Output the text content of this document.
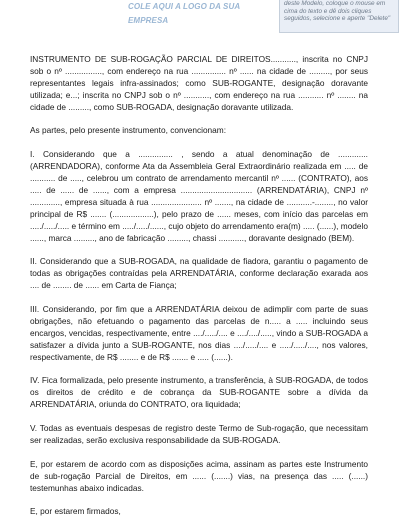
COLE AQUI A LOGO DA SUA EMPRESA
deste Modelo, coloque o mouse em cima do texto e dê dois cliques seguidos, selecione e aperte "Delete"

INSTRUMENTO DE SUB-ROGAÇÃO PARCIAL DE DIREITOS..........., inscrita no CNPJ sob o nº ................, com endereço na rua ............... nº ...... na cidade de ........., por seus representantes legais infra-assinados; como SUB-ROGANTE, designação doravante utilizada; e...; inscrita no CNPJ sob o nº ..........., com endereço na rua ........... nº ........ na cidade de ........., como SUB-ROGADA, designação doravante utilizada.

As partes, pelo presente instrumento, convencionam:

I. Considerando que a ............... , sendo a atual denominação de ............. (ARRENDADORA), conforme Ata da Assembleia Geral Extraordinário realizada em ..... de ........... de ....., celebrou um contrato de arrendamento mercantil nº ...... (CONTRATO), aos ..... de ...... de ......, com a empresa ............................... (ARRENDATÁRIA), CNPJ nº ............., empresa situada à rua ...................... nº ......., na cidade de ...........-........, no valor principal de R$ ....... (..................), pelo prazo de ...... meses, com início das parcelas em ...../...../..... e término em ...../...../......, cujo objeto do arrendamento era(m) ..... (......), modelo ......, marca ........., ano de fabricação ........., chassi ..........., doravante designado (BEM).

II. Considerando que a SUB-ROGADA, na qualidade de fiadora, garantiu o pagamento de todas as obrigações contraídas pela ARRENDATÁRIA, conforme declaração exarada aos .... de ........ de ...... em Carta de Fiança;

III. Considerando, por fim que a ARRENDATÁRIA deixou de adimplir com parte de suas obrigações, não efetuando o pagamento das parcelas de n..... a ..... incluindo seus encargos, vencidas, respectivamente, entre ..../...../.... e ..../..../....., vindo a SUB-ROGADA a satisfazer a dívida junto a SUB-ROGANTE, nos dias ..../...../.... e ...../...../...., nos valores, respectivamente, de R$ ........ e de R$ ....... e ..... (......).

IV. Fica formalizada, pelo presente instrumento, a transferência, à SUB-ROGADA, de todos os direitos de crédito e de cobrança da SUB-ROGANTE sobre a dívida da ARRENDATÁRIA, oriunda do CONTRATO, ora liquidada;

V. Todas as eventuais despesas de registro deste Termo de Sub-rogação, que necessitam ser realizadas, serão exclusiva responsabilidade da SUB-ROGADA.

E, por estarem de acordo com as disposições acima, assinam as partes este Instrumento de sub-rogação Parcial de Direitos, em ...... (.......) vias, na presença das ..... (......) testemunhas abaixo indicadas.

E, por estarem firmados,
